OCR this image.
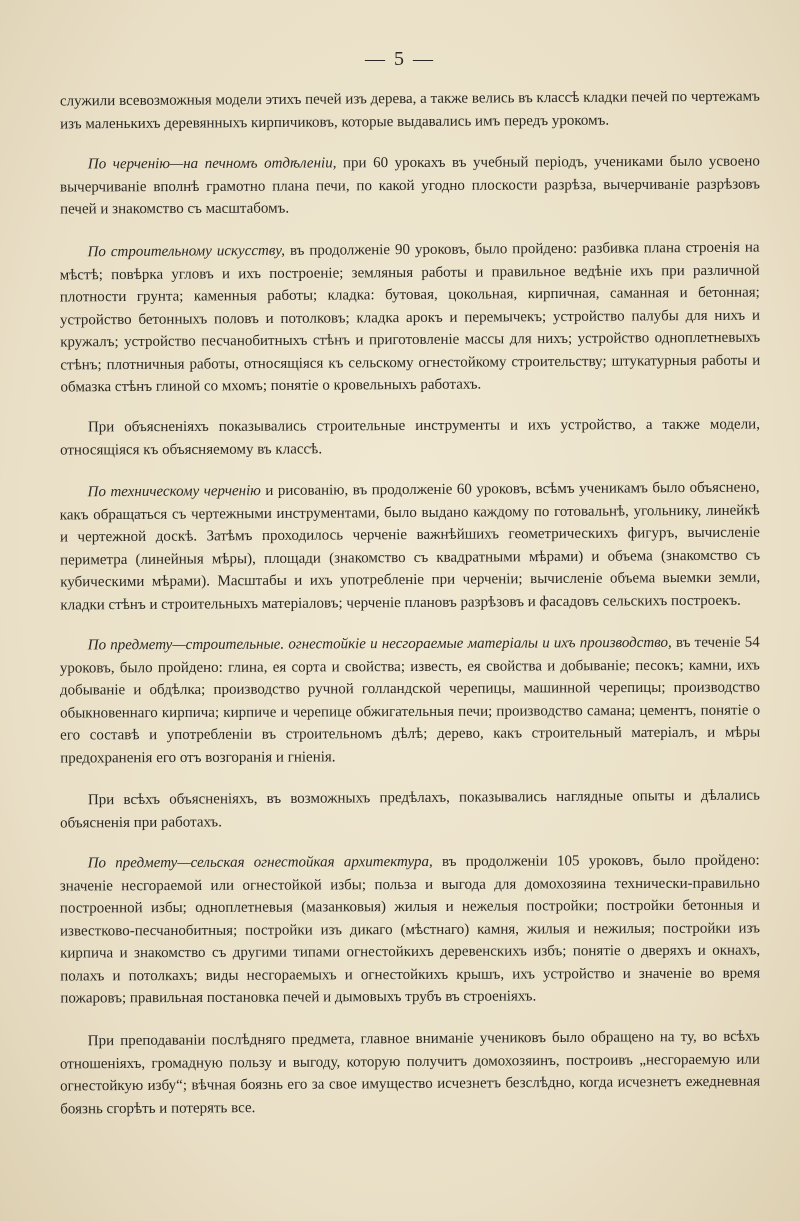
— 5 —

служили всевозможныя модели этихъ печей изъ дерева, а также велись въ классѣ кладки печей по чертежамъ изъ маленькихъ деревянныхъ кирпичиковъ, которые выдавались имъ передъ урокомъ.

По черченію—на печномъ отдѣленіи, при 60 урокахъ въ учебный періодъ, учениками было усвоено вычерчиваніе вполнѣ грамотно плана печи, по какой угодно плоскости разрѣза, вычерчиваніе разрѣзовъ печей и знакомство съ масштабомъ.

По строительному искусству, въ продолженіе 90 уроковъ, было пройдено: разбивка плана строенія на мѣстѣ; повѣрка угловъ и ихъ построеніе; земляныя работы и правильное ведѣніе ихъ при различной плотности грунта; каменныя работы; кладка: бутовая, цокольная, кирпичная, саманная и бетонная; устройство бетонныхъ половъ и потолковъ; кладка арокъ и перемычекъ; устройство палубы для нихъ и кружалъ; устройство песчанобитныхъ стѣнъ и приготовленіе массы для нихъ; устройство одноплетневыхъ стѣнъ; плотничныя работы, относящіяся къ сельскому огнестойкому строительству; штукатурныя работы и обмазка стѣнъ глиной со мхомъ; понятіе о кровельныхъ работахъ.

При объясненіяхъ показывались строительные инструменты и ихъ устройство, а также модели, относящіяся къ объясняемому въ классѣ.

По техническому черченію и рисованію, въ продолженіе 60 уроковъ, всѣмъ ученикамъ было объяснено, какъ обращаться съ чертежными инструментами, было выдано каждому по готовальнѣ, угольнику, линейкѣ и чертежной доскѣ. Затѣмъ проходилось черченіе важнѣйшихъ геометрическихъ фигуръ, вычисленіе периметра (линейныя мѣры), площади (знакомство съ квадратными мѣрами) и объема (знакомство съ кубическими мѣрами). Масштабы и ихъ употребленіе при черченіи; вычисленіе объема выемки земли, кладки стѣнъ и строительныхъ матеріаловъ; черченіе плановъ разрѣзовъ и фасадовъ сельскихъ построекъ.

По предмету—строительные. огнестойкіе и несгораемые матеріалы и ихъ производство, въ теченіе 54 уроковъ, было пройдено: глина, ея сорта и свойства; известь, ея свойства и добываніе; песокъ; камни, ихъ добываніе и обдѣлка; производство ручной голландской черепицы, машинной черепицы; производство обыкновеннаго кирпича; кирпиче и черепице обжигательныя печи; производство самана; цементъ, понятіе о его составѣ и употребленіи въ строительномъ дѣлѣ; дерево, какъ строительный матеріалъ, и мѣры предохраненія его отъ возгоранія и гніенія.

При всѣхъ объясненіяхъ, въ возможныхъ предѣлахъ, показывались наглядные опыты и дѣлались объясненія при работахъ.

По предмету—сельская огнестойкая архитектура, въ продолженіи 105 уроковъ, было пройдено: значеніе несгораемой или огнестойкой избы; польза и выгода для домохозяина технически-правильно построенной избы; одноплетневыя (мазанковыя) жилыя и нежелыя постройки; постройки бетонныя и известково-песчанобитныя; постройки изъ дикаго (мѣстнаго) камня, жилыя и нежилыя; постройки изъ кирпича и знакомство съ другими типами огнестойкихъ деревенскихъ избъ; понятіе о дверяхъ и окнахъ, полахъ и потолкахъ; виды несгораемыхъ и огнестойкихъ крышъ, ихъ устройство и значеніе во время пожаровъ; правильная постановка печей и дымовыхъ трубъ въ строеніяхъ.

При преподаваніи послѣдняго предмета, главное вниманіе учениковъ было обращено на ту, во всѣхъ отношеніяхъ, громадную пользу и выгоду, которую получитъ домохозяинъ, построивъ „несгораемую или огнестойкую избу“; вѣчная боязнь его за свое имущество исчезнетъ безслѣдно, когда исчезнетъ ежедневная боязнь сгорѣть и потерять все.
